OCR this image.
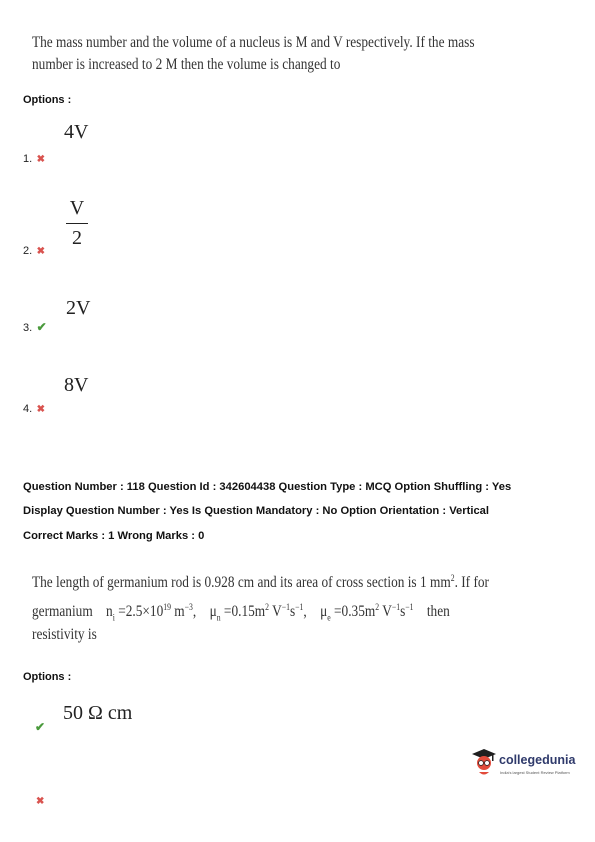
The mass number and the volume of a nucleus is M and V respectively. If the mass
number is increased to 2 M then the volume is changed to
Options :
4V
1. ✖
V
2
2. ✖
2V
3. ✔
8V
4. ✖
Question Number : 118 Question Id : 342604438 Question Type : MCQ Option Shuffling : Yes
Display Question Number : Yes Is Question Mandatory : No Option Orientation : Vertical
Correct Marks : 1 Wrong Marks : 0
The length of germanium rod is 0.928 cm and its area of cross section is 1 $mm^2$. If for
germanium $n_i =2.5\times 10^{19}$ $m^{-3}$,    $\mu_n =0.15m^2$ $V^{-1}s^{-1}$,    $\mu_e =0.35m^2$ $V^{-1}s^{-1}$ then
resistivity is
Options :
50 Ω cm
✔
✖
collegedunia
India's largest Student Review Platform
